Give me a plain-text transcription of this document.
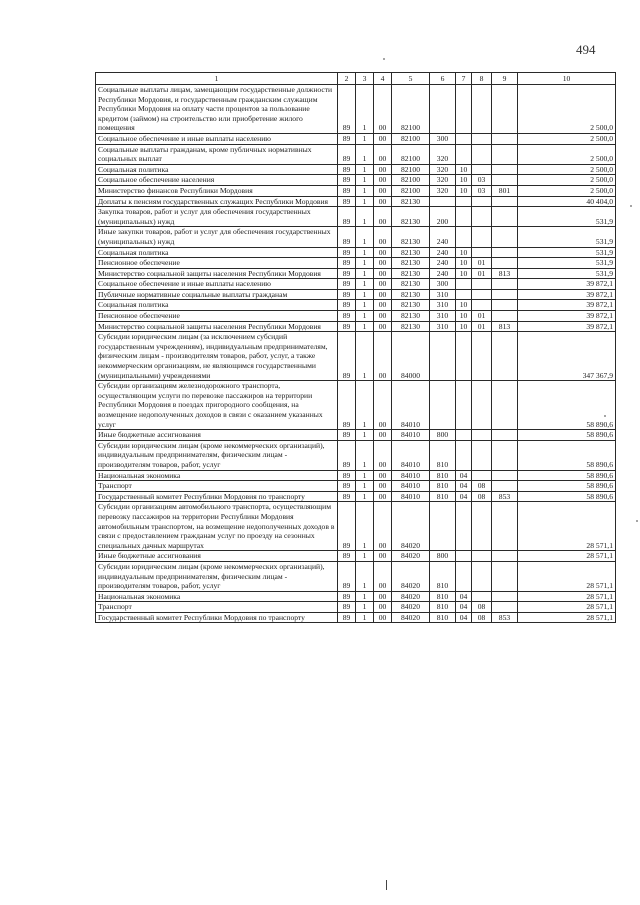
494
1	2	3	4	5	6	7	8	9	10
Социальные выплаты лицам, замещающим государственные должности Республики Мордовия, и государственным гражданским служащим Республики Мордовия на оплату части процентов за пользование кредитом (займом) на строительство или приобретение жилого помещения	89	1	00	82100					2 500,0
Социальное обеспечение и иные выплаты населению	89	1	00	82100	300				2 500,0
Социальные выплаты гражданам, кроме публичных нормативных социальных выплат	89	1	00	82100	320				2 500,0
Социальная политика	89	1	00	82100	320	10			2 500,0
Социальное обеспечение населения	89	1	00	82100	320	10	03		2 500,0
Министерство финансов Республики Мордовия	89	1	00	82100	320	10	03	801	2 500,0
Доплаты к пенсиям государственных служащих Республики Мордовия	89	1	00	82130					40 404,0
Закупка товаров, работ и услуг для обеспечения государственных (муниципальных) нужд	89	1	00	82130	200				531,9
Иные закупки товаров, работ и услуг для обеспечения государственных (муниципальных) нужд	89	1	00	82130	240				531,9
Социальная политика	89	1	00	82130	240	10			531,9
Пенсионное обеспечение	89	1	00	82130	240	10	01		531,9
Министерство социальной защиты населения Республики Мордовия	89	1	00	82130	240	10	01	813	531,9
Социальное обеспечение и иные выплаты населению	89	1	00	82130	300				39 872,1
Публичные нормативные социальные выплаты гражданам	89	1	00	82130	310				39 872,1
Социальная политика	89	1	00	82130	310	10			39 872,1
Пенсионное обеспечение	89	1	00	82130	310	10	01		39 872,1
Министерство социальной защиты населения Республики Мордовия	89	1	00	82130	310	10	01	813	39 872,1
Субсидии юридическим лицам (за исключением субсидий государственным учреждениям), индивидуальным предпринимателям, физическим лицам - производителям товаров, работ, услуг, а также некоммерческим организациям, не являющимся государственными (муниципальными) учреждениями	89	1	00	84000					347 367,9
Субсидии организациям железнодорожного транспорта, осуществляющим услуги по перевозке пассажиров на территории Республики Мордовия в поездах пригородного сообщения, на возмещение недополученных доходов в связи с оказанием указанных услуг	89	1	00	84010					58 890,6
Иные бюджетные ассигнования	89	1	00	84010	800				58 890,6
Субсидии юридическим лицам (кроме некоммерческих организаций), индивидуальным предпринимателям, физическим лицам - производителям товаров, работ, услуг	89	1	00	84010	810				58 890,6
Национальная экономика	89	1	00	84010	810	04			58 890,6
Транспорт	89	1	00	84010	810	04	08		58 890,6
Государственный комитет Республики Мордовия по транспорту	89	1	00	84010	810	04	08	853	58 890,6
Субсидии организациям автомобильного транспорта, осуществляющим перевозку пассажиров на территории Республики Мордовия автомобильным транспортом, на возмещение недополученных доходов в связи с предоставлением гражданам услуг по проезду на сезонных специальных дачных маршрутах	89	1	00	84020					28 571,1
Иные бюджетные ассигнования	89	1	00	84020	800				28 571,1
Субсидии юридическим лицам (кроме некоммерческих организаций), индивидуальным предпринимателям, физическим лицам - производителям товаров, работ, услуг	89	1	00	84020	810				28 571,1
Национальная экономика	89	1	00	84020	810	04			28 571,1
Транспорт	89	1	00	84020	810	04	08		28 571,1
Государственный комитет Республики Мордовия по транспорту	89	1	00	84020	810	04	08	853	28 571,1
